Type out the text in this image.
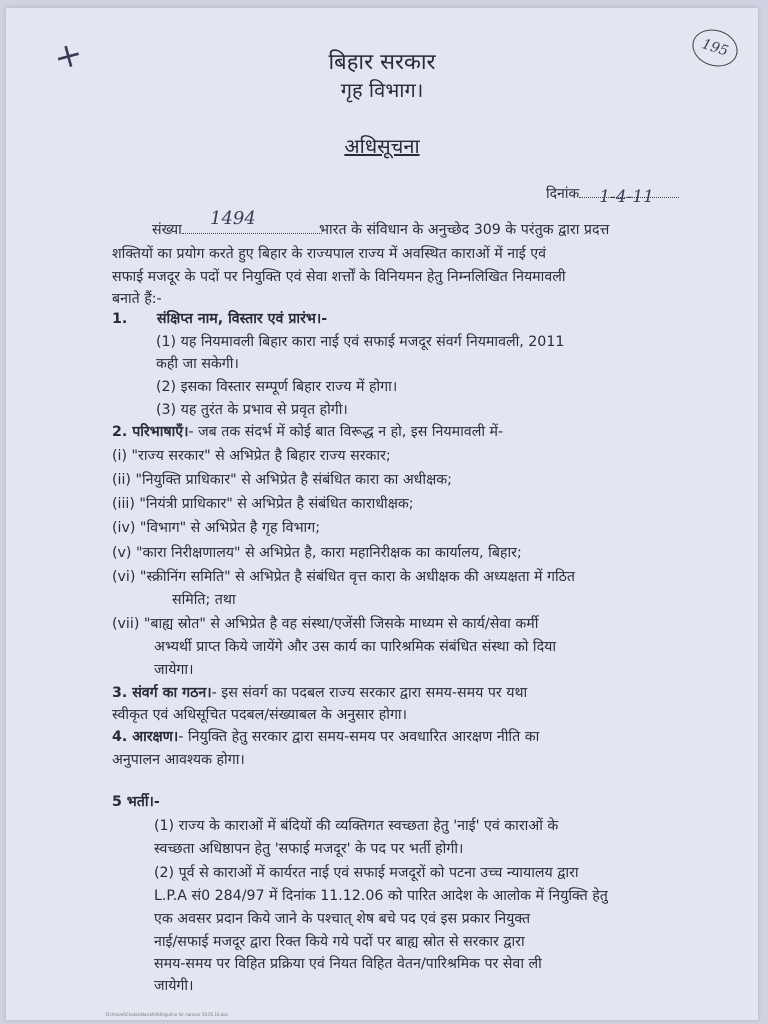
+	195
बिहार सरकार
गृह विभाग।
अधिसूचना
दिनांक 1-4-11
संख्या
1494
भारत के संविधान के अनुच्छेद 309 के परंतुक द्वारा प्रदत्त
शक्तियों का प्रयोग करते हुए बिहार के राज्यपाल राज्य में अवस्थित काराओं में नाई एवं
सफाई मजदूर के पदों पर नियुक्ति एवं सेवा शर्त्तों के विनियमन हेतु निम्नलिखित नियमावली
बनाते हैं:-
1.      संक्षिप्त नाम, विस्तार एवं प्रारंभ।-
(1) यह नियमावली बिहार कारा नाई एवं सफाई मजदूर संवर्ग नियमावली, 2011
कही जा सकेगी।
(2) इसका विस्तार सम्पूर्ण बिहार राज्य में होगा।
(3) यह तुरंत के प्रभाव से प्रवृत होगी।
2. परिभाषाएँ।- जब तक संदर्भ में कोई बात विरूद्ध न हो, इस नियमावली में-
(i) "राज्य सरकार" से अभिप्रेत है बिहार राज्य सरकार;
(ii) "नियुक्ति प्राधिकार" से अभिप्रेत है संबंधित कारा का अधीक्षक;
(iii) "नियंत्री प्राधिकार" से अभिप्रेत है संबंधित काराधीक्षक;
(iv) "विभाग" से अभिप्रेत है गृह विभाग;
(v) "कारा निरीक्षणालय" से अभिप्रेत है, कारा महानिरीक्षक का कार्यालय, बिहार;
(vi) "स्क्रीनिंग समिति" से अभिप्रेत है संबंधित वृत्त कारा के अधीक्षक की अध्यक्षता में गठित
समिति; तथा
(vii) "बाह्य स्रोत" से अभिप्रेत है वह संस्था/एजेंसी जिसके माध्यम से कार्य/सेवा कर्मी
अभ्यर्थी प्राप्त किये जायेंगे और उस कार्य का पारिश्रमिक संबंधित संस्था को दिया
जायेगा।
3. संवर्ग का गठन।- इस संवर्ग का पदबल राज्य सरकार द्वारा समय-समय पर यथा
स्वीकृत एवं अधिसूचित पदबल/संख्याबल के अनुसार होगा।
4. आरक्षण।- नियुक्ति हेतु सरकार द्वारा समय-समय पर अवधारित आरक्षण नीति का
अनुपालन आवश्यक होगा।
5 भर्ती।-
(1) राज्य के काराओं में बंदियों की व्यक्तिगत स्वच्छता हेतु 'नाई' एवं काराओं के
स्वच्छता अधिष्ठापन हेतु 'सफाई मजदूर' के पद पर भर्ती होगी।
(2) पूर्व से काराओं में कार्यरत नाई एवं सफाई मजदूरों को पटना उच्च न्यायालय द्वारा
L.P.A सं0 284/97 में दिनांक 11.12.06 को पारित आदेश के आलोक में नियुक्ति हेतु
एक अवसर प्रदान किये जाने के पश्चात् शेष बचे पद एवं इस प्रकार नियुक्त
नाई/सफाई मजदूर द्वारा रिक्त किये गये पदों पर बाह्य स्रोत से सरकार द्वारा
समय-समय पर विहित प्रक्रिया एवं नियत विहित वेतन/पारिश्रमिक पर सेवा ली
जायेगी।
D:\Anand\Chakia\Naiskh\Adhiguhna for narasor 10.05.16.doc
